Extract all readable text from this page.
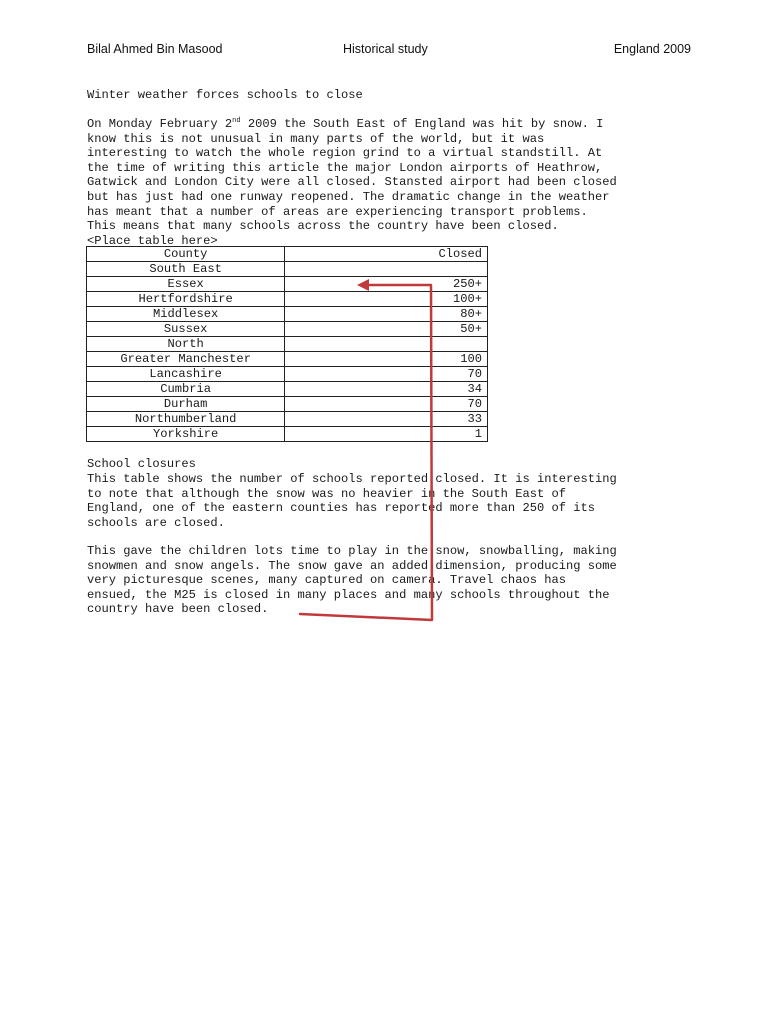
Bilal Ahmed Bin Masood	Historical study	England 2009
Winter weather forces schools to close
On Monday February 2nd 2009 the South East of England was hit by snow. I
know this is not unusual in many parts of the world, but it was
interesting to watch the whole region grind to a virtual standstill. At
the time of writing this article the major London airports of Heathrow,
Gatwick and London City were all closed. Stansted airport had been closed
but has just had one runway reopened. The dramatic change in the weather
has meant that a number of areas are experiencing transport problems.
This means that many schools across the country have been closed.
<Place table here>
County	Closed
South East	
Essex	250+
Hertfordshire	100+
Middlesex	80+
Sussex	50+
North	
Greater Manchester	100
Lancashire	70
Cumbria	34
Durham	70
Northumberland	33
Yorkshire	1
School closures
This table shows the number of schools reported closed. It is interesting
to note that although the snow was no heavier in the South East of
England, one of the eastern counties has reported more than 250 of its
schools are closed.
This gave the children lots time to play in the snow, snowballing, making
snowmen and snow angels. The snow gave an added dimension, producing some
very picturesque scenes, many captured on camera. Travel chaos has
ensued, the M25 is closed in many places and many schools throughout the
country have been closed.
